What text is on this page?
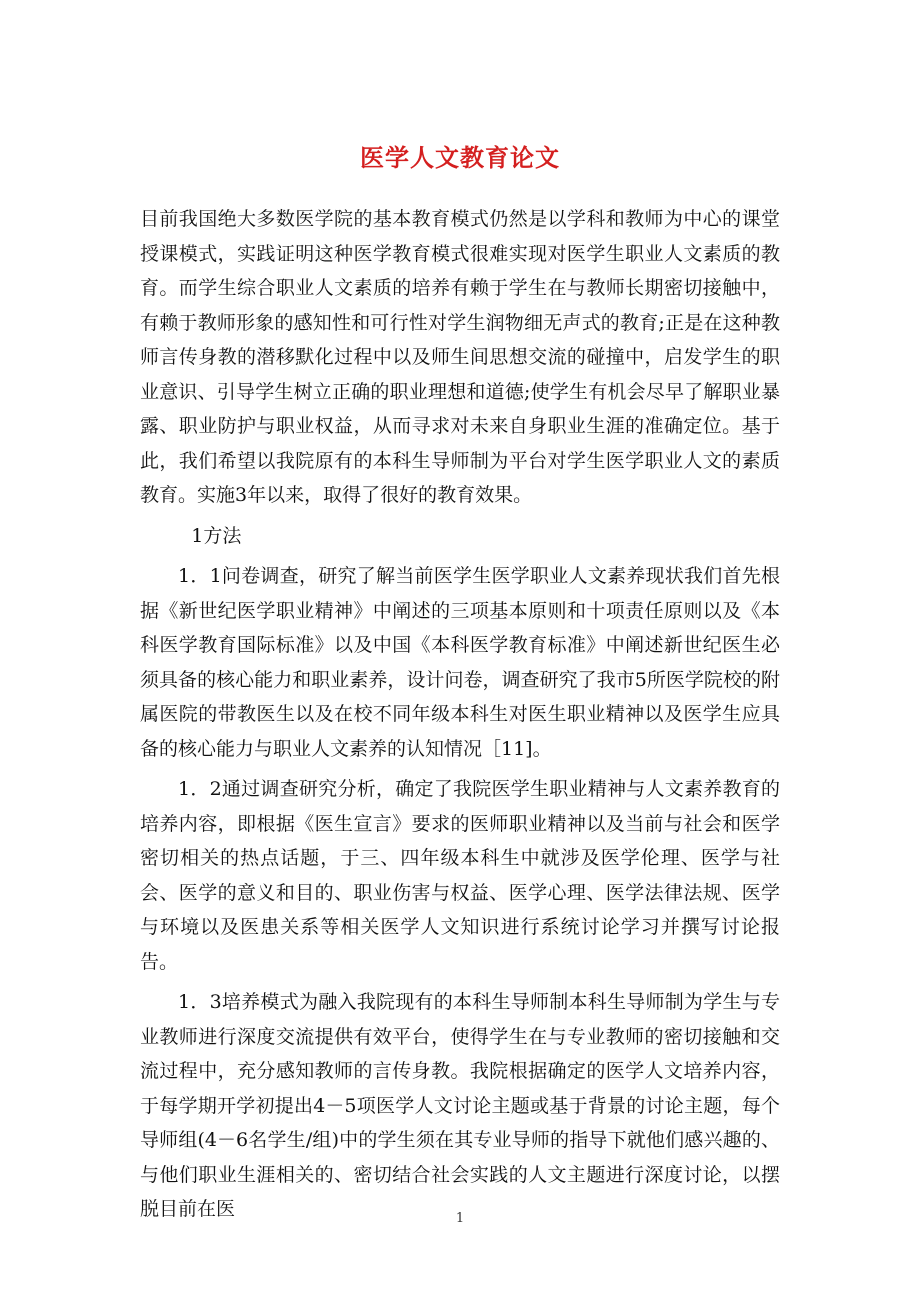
医学人文教育论文

目前我国绝大多数医学院的基本教育模式仍然是以学科和教师为中心的课堂授课模式，实践证明这种医学教育模式很难实现对医学生职业人文素质的教育。而学生综合职业人文素质的培养有赖于学生在与教师长期密切接触中，有赖于教师形象的感知性和可行性对学生润物细无声式的教育;正是在这种教师言传身教的潜移默化过程中以及师生间思想交流的碰撞中，启发学生的职业意识、引导学生树立正确的职业理想和道德;使学生有机会尽早了解职业暴露、职业防护与职业权益，从而寻求对未来自身职业生涯的准确定位。基于此，我们希望以我院原有的本科生导师制为平台对学生医学职业人文的素质教育。实施3年以来，取得了很好的教育效果。

1方法

1．1问卷调查，研究了解当前医学生医学职业人文素养现状我们首先根据《新世纪医学职业精神》中阐述的三项基本原则和十项责任原则以及《本科医学教育国际标准》以及中国《本科医学教育标准》中阐述新世纪医生必须具备的核心能力和职业素养，设计问卷，调查研究了我市5所医学院校的附属医院的带教医生以及在校不同年级本科生对医生职业精神以及医学生应具备的核心能力与职业人文素养的认知情况［11]。

1．2通过调查研究分析，确定了我院医学生职业精神与人文素养教育的培养内容，即根据《医生宣言》要求的医师职业精神以及当前与社会和医学密切相关的热点话题，于三、四年级本科生中就涉及医学伦理、医学与社会、医学的意义和目的、职业伤害与权益、医学心理、医学法律法规、医学与环境以及医患关系等相关医学人文知识进行系统讨论学习并撰写讨论报告。

1．3培养模式为融入我院现有的本科生导师制本科生导师制为学生与专业教师进行深度交流提供有效平台，使得学生在与专业教师的密切接触和交流过程中，充分感知教师的言传身教。我院根据确定的医学人文培养内容，于每学期开学初提出4－5项医学人文讨论主题或基于背景的讨论主题，每个导师组(4－6名学生/组)中的学生须在其专业导师的指导下就他们感兴趣的、与他们职业生涯相关的、密切结合社会实践的人文主题进行深度讨论，以摆脱目前在医	1
